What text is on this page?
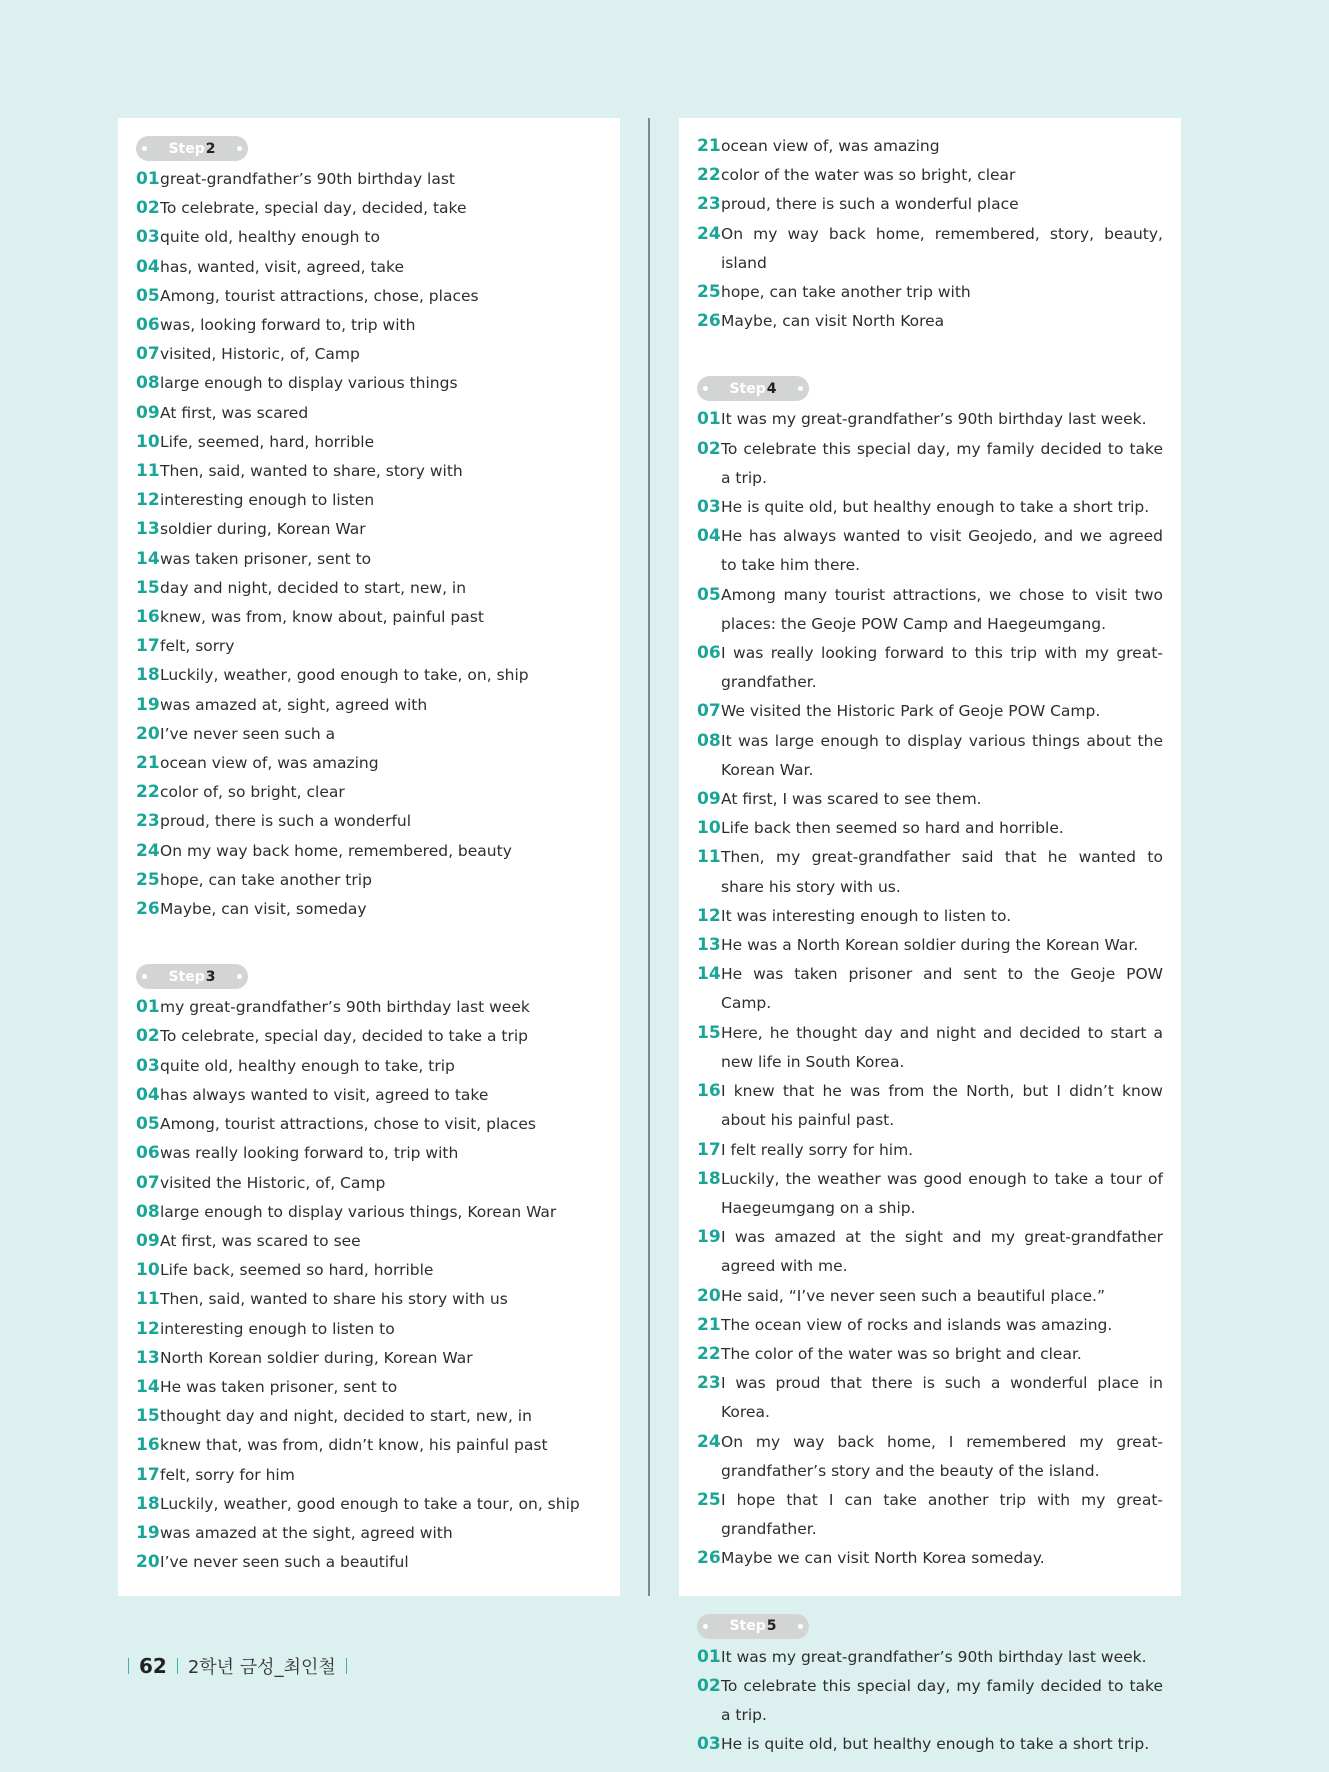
Step 2
01 great-grandfather’s 90th birthday last
02 To celebrate, special day, decided, take
03 quite old, healthy enough to
04 has, wanted, visit, agreed, take
05 Among, tourist attractions, chose, places
06 was, looking forward to, trip with
07 visited, Historic, of, Camp
08 large enough to display various things
09 At first, was scared
10 Life, seemed, hard, horrible
11 Then, said, wanted to share, story with
12 interesting enough to listen
13 soldier during, Korean War
14 was taken prisoner, sent to
15 day and night, decided to start, new, in
16 knew, was from, know about, painful past
17 felt, sorry
18 Luckily, weather, good enough to take, on, ship
19 was amazed at, sight, agreed with
20 I’ve never seen such a
21 ocean view of, was amazing
22 color of, so bright, clear
23 proud, there is such a wonderful
24 On my way back home, remembered, beauty
25 hope, can take another trip
26 Maybe, can visit, someday
Step 3
01 my great-grandfather’s 90th birthday last week
02 To celebrate, special day, decided to take a trip
03 quite old, healthy enough to take, trip
04 has always wanted to visit, agreed to take
05 Among, tourist attractions, chose to visit, places
06 was really looking forward to, trip with
07 visited the Historic, of, Camp
08 large enough to display various things, Korean War
09 At first, was scared to see
10 Life back, seemed so hard, horrible
11 Then, said, wanted to share his story with us
12 interesting enough to listen to
13 North Korean soldier during, Korean War
14 He was taken prisoner, sent to
15 thought day and night, decided to start, new, in
16 knew that, was from, didn’t know, his painful past
17 felt, sorry for him
18 Luckily, weather, good enough to take a tour, on, ship
19 was amazed at the sight, agreed with
20 I’ve never seen such a beautiful
21 ocean view of, was amazing
22 color of the water was so bright, clear
23 proud, there is such a wonderful place
24 On my way back home, remembered, story, beauty, island
25 hope, can take another trip with
26 Maybe, can visit North Korea
Step 4
01 It was my great-grandfather’s 90th birthday last week.
02 To celebrate this special day, my family decided to take a trip.
03 He is quite old, but healthy enough to take a short trip.
04 He has always wanted to visit Geojedo, and we agreed to take him there.
05 Among many tourist attractions, we chose to visit two places: the Geoje POW Camp and Haegeumgang.
06 I was really looking forward to this trip with my great-grandfather.
07 We visited the Historic Park of Geoje POW Camp.
08 It was large enough to display various things about the Korean War.
09 At first, I was scared to see them.
10 Life back then seemed so hard and horrible.
11 Then, my great-grandfather said that he wanted to share his story with us.
12 It was interesting enough to listen to.
13 He was a North Korean soldier during the Korean War.
14 He was taken prisoner and sent to the Geoje POW Camp.
15 Here, he thought day and night and decided to start a new life in South Korea.
16 I knew that he was from the North, but I didn’t know about his painful past.
17 I felt really sorry for him.
18 Luckily, the weather was good enough to take a tour of Haegeumgang on a ship.
19 I was amazed at the sight and my great-grandfather agreed with me.
20 He said, “I’ve never seen such a beautiful place.”
21 The ocean view of rocks and islands was amazing.
22 The color of the water was so bright and clear.
23 I was proud that there is such a wonderful place in Korea.
24 On my way back home, I remembered my great-grandfather’s story and the beauty of the island.
25 I hope that I can take another trip with my great-grandfather.
26 Maybe we can visit North Korea someday.
Step 5
01 It was my great-grandfather’s 90th birthday last week.
02 To celebrate this special day, my family decided to take a trip.
03 He is quite old, but healthy enough to take a short trip.
62 2학년 금성_최인철
